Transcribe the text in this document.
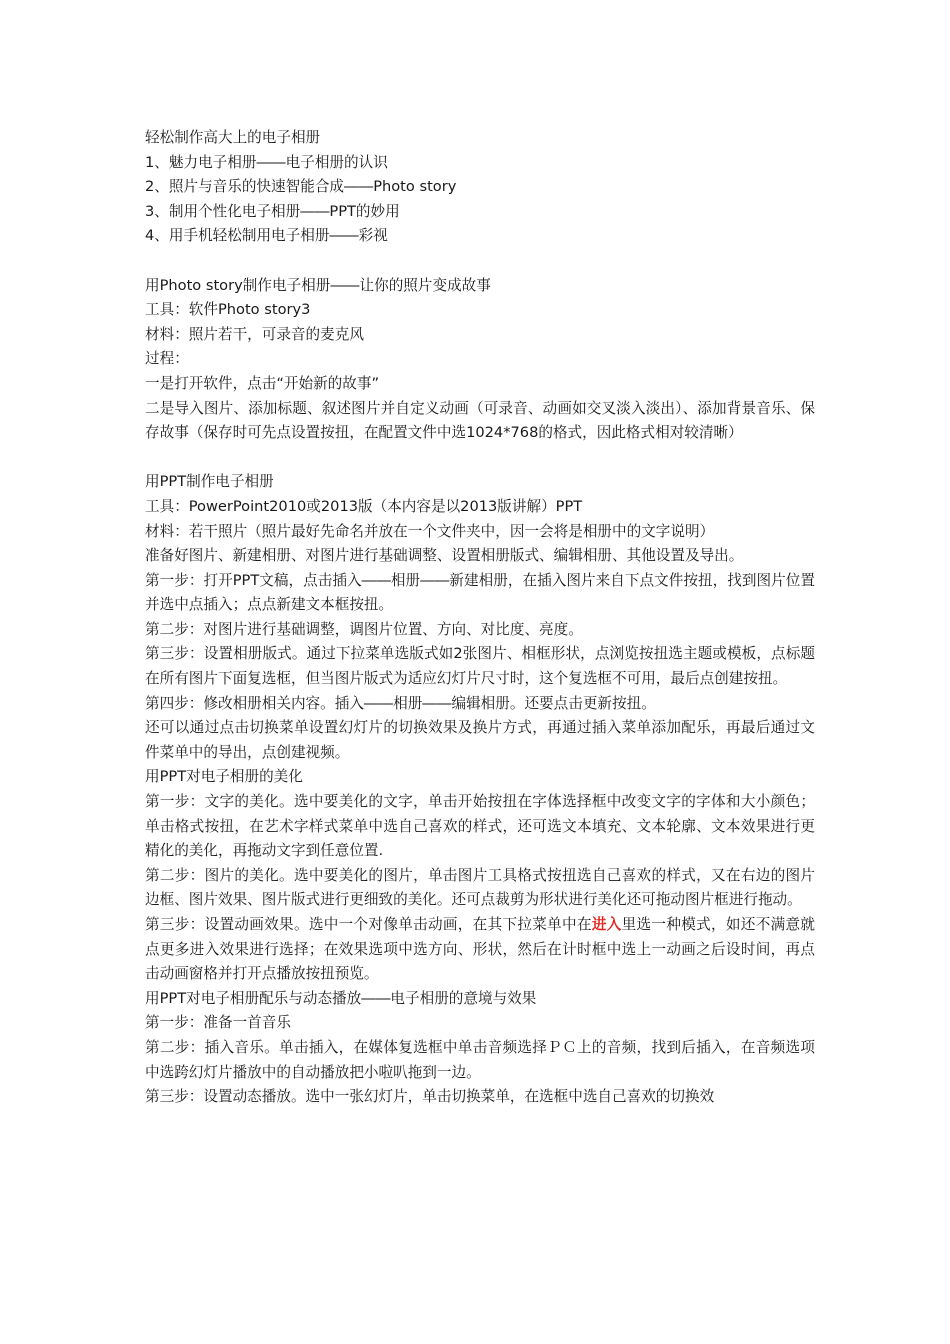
轻松制作高大上的电子相册

1、魅力电子相册――电子相册的认识

2、照片与音乐的快速智能合成――Photo story

3、制用个性化电子相册――PPT的妙用

4、用手机轻松制用电子相册――彩视

用Photo story制作电子相册――让你的照片变成故事

工具：软件Photo story3

材料：照片若干，可录音的麦克风

过程：

一是打开软件，点击“开始新的故事”

二是导入图片、添加标题、叙述图片并自定义动画（可录音、动画如交叉淡入淡出）、添加背景音乐、保存故事（保存时可先点设置按扭，在配置文件中选1024*768的格式，因此格式相对较清晰）

用PPT制作电子相册

工具：PowerPoint2010或2013版（本内容是以2013版讲解）PPT

材料：若干照片（照片最好先命名并放在一个文件夹中，因一会将是相册中的文字说明）

准备好图片、新建相册、对图片进行基础调整、设置相册版式、编辑相册、其他设置及导出。

第一步：打开PPT文稿，点击插入――相册――新建相册，在插入图片来自下点文件按扭，找到图片位置并选中点插入；点点新建文本框按扭。

第二步：对图片进行基础调整，调图片位置、方向、对比度、亮度。

第三步：设置相册版式。通过下拉菜单选版式如2张图片、相框形状，点浏览按扭选主题或模板，点标题在所有图片下面复选框，但当图片版式为适应幻灯片尺寸时，这个复选框不可用，最后点创建按扭。

第四步：修改相册相关内容。插入――相册――编辑相册。还要点击更新按扭。

还可以通过点击切换菜单设置幻灯片的切换效果及换片方式，再通过插入菜单添加配乐，再最后通过文件菜单中的导出，点创建视频。

用PPT对电子相册的美化

第一步：文字的美化。选中要美化的文字，单击开始按扭在字体选择框中改变文字的字体和大小颜色；单击格式按扭，在艺术字样式菜单中选自己喜欢的样式，还可选文本填充、文本轮廓、文本效果进行更精化的美化，再拖动文字到任意位置.

第二步：图片的美化。选中要美化的图片，单击图片工具格式按扭选自己喜欢的样式，又在右边的图片边框、图片效果、图片版式进行更细致的美化。还可点裁剪为形状进行美化还可拖动图片框进行拖动。

第三步：设置动画效果。选中一个对像单击动画，在其下拉菜单中在进入里选一种模式，如还不满意就点更多进入效果进行选择；在效果选项中选方向、形状，然后在计时框中选上一动画之后设时间，再点击动画窗格并打开点播放按扭预览。

用PPT对电子相册配乐与动态播放――电子相册的意境与效果

第一步：准备一首音乐

第二步：插入音乐。单击插入，在媒体复选框中单击音频选择ＰＣ上的音频，找到后插入，在音频选项中选跨幻灯片播放中的自动播放把小啦叭拖到一边。

第三步：设置动态播放。选中一张幻灯片，单击切换菜单，在选框中选自己喜欢的切换效
